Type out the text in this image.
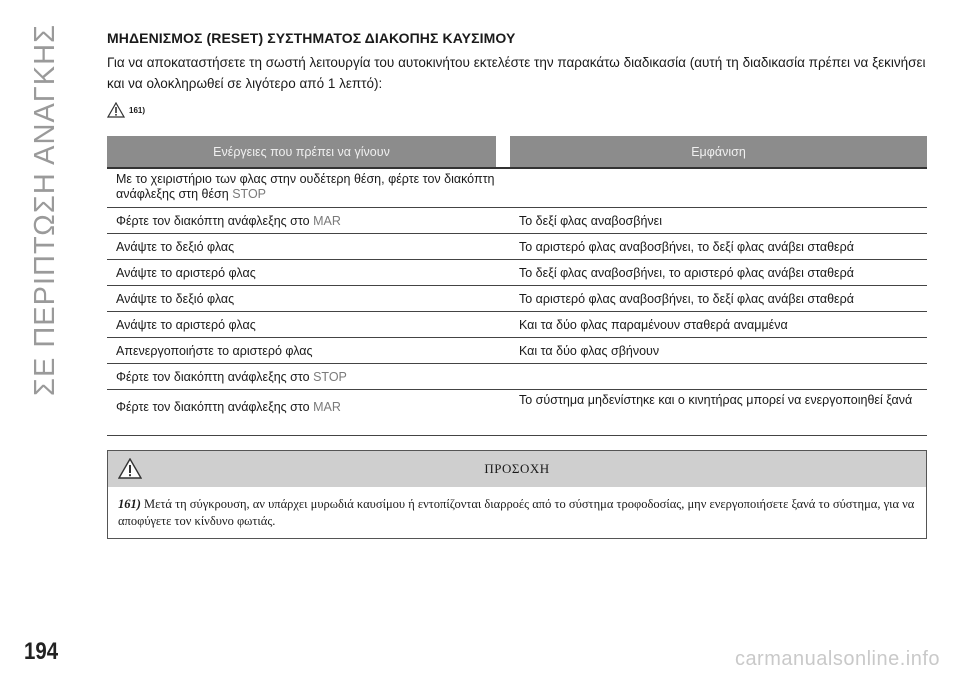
ΣΕ ΠΕΡΙΠΤΩΣΗ ΑΝΑΓΚΗΣ	ΜΗΔΕΝΙΣΜΟΣ (RESET) ΣΥΣΤΗΜΑΤΟΣ ΔΙΑΚΟΠΗΣ ΚΑΥΣΙΜΟΥ

Για να αποκαταστήσετε τη σωστή λειτουργία του αυτοκινήτου εκτελέστε την παρακάτω διαδικασία (αυτή τη διαδικασία πρέπει να ξεκινήσει και να ολοκληρωθεί σε λιγότερο από 1 λεπτό):

161)
Ενέργειες που πρέπει να γίνουν		Εμφάνιση
Με το χειριστήριο των φλας στην ουδέτερη θέση, φέρτε τον διακόπτη ανάφλεξης στη θέση STOP		
Φέρτε τον διακόπτη ανάφλεξης στο MAR		Το δεξί φλας αναβοσβήνει
Ανάψτε το δεξιό φλας		Το αριστερό φλας αναβοσβήνει, το δεξί φλας ανάβει σταθερά
Ανάψτε το αριστερό φλας		Το δεξί φλας αναβοσβήνει, το αριστερό φλας ανάβει σταθερά
Ανάψτε το δεξιό φλας		Το αριστερό φλας αναβοσβήνει, το δεξί φλας ανάβει σταθερά
Ανάψτε το αριστερό φλας		Και τα δύο φλας παραμένουν σταθερά αναμμένα
Απενεργοποιήστε το αριστερό φλας		Και τα δύο φλας σβήνουν
Φέρτε τον διακόπτη ανάφλεξης στο STOP		
Φέρτε τον διακόπτη ανάφλεξης στο MAR		Το σύστημα μηδενίστηκε και ο κινητήρας μπορεί να ενεργοποιηθεί ξανά
ΠΡΟΣΟΧΗ
161) Μετά τη σύγκρουση, αν υπάρχει μυρωδιά καυσίμου ή εντοπίζονται διαρροές από το σύστημα τροφοδοσίας, μην ενεργοποιήσετε ξανά το σύστημα, για να αποφύγετε τον κίνδυνο φωτιάς.
194	carmanualsonline.info
